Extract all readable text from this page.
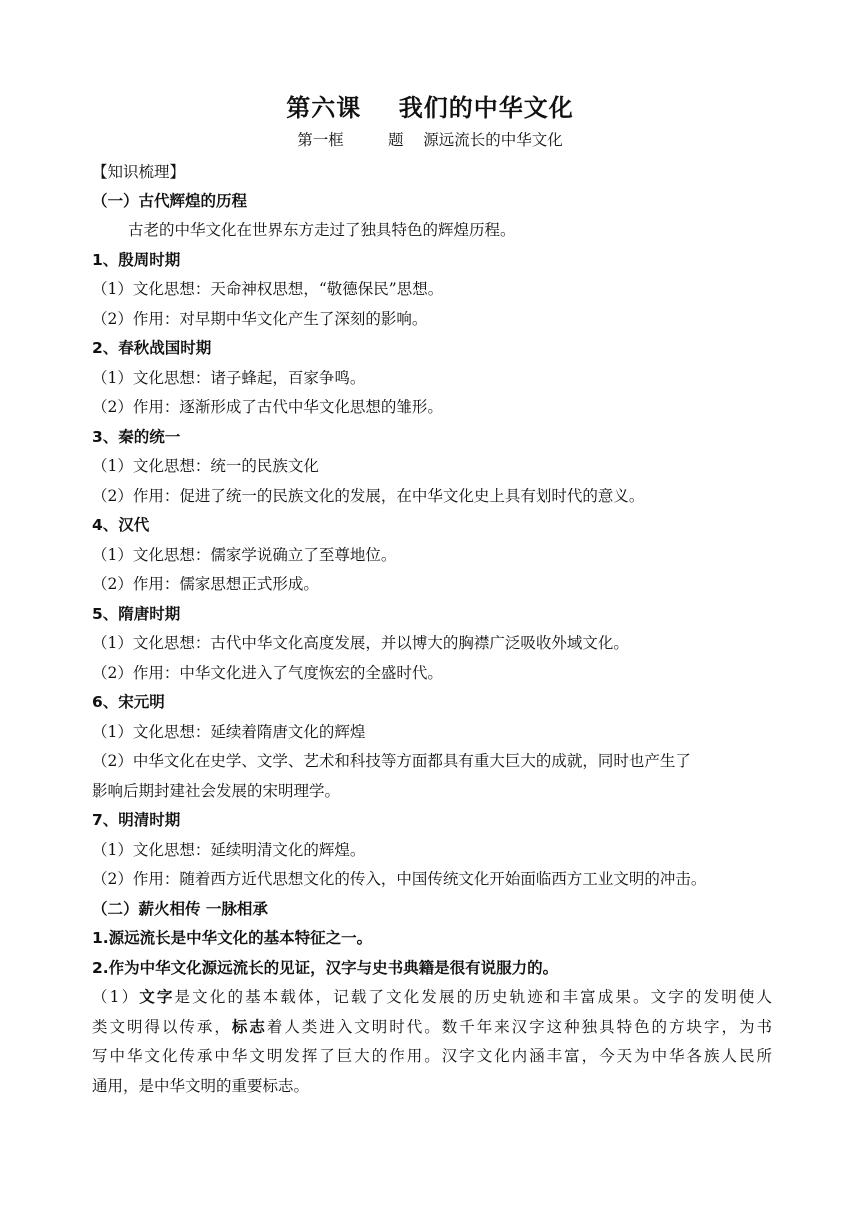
第六课    我们的中华文化
第一框         题    源远流长的中华文化
【知识梳理】
（一）古代辉煌的历程
古老的中华文化在世界东方走过了独具特色的辉煌历程。
1、殷周时期
（1）文化思想：天命神权思想，“敬德保民”思想。
（2）作用：对早期中华文化产生了深刻的影响。
2、春秋战国时期
（1）文化思想：诸子蜂起，百家争鸣。
（2）作用：逐渐形成了古代中华文化思想的雏形。
3、秦的统一
（1）文化思想：统一的民族文化
（2）作用：促进了统一的民族文化的发展，在中华文化史上具有划时代的意义。
4、汉代
（1）文化思想：儒家学说确立了至尊地位。
（2）作用：儒家思想正式形成。
5、隋唐时期
（1）文化思想：古代中华文化高度发展，并以博大的胸襟广泛吸收外域文化。
（2）作用：中华文化进入了气度恢宏的全盛时代。
6、宋元明
（1）文化思想：延续着隋唐文化的辉煌
（2）中华文化在史学、文学、艺术和科技等方面都具有重大巨大的成就，同时也产生了
影响后期封建社会发展的宋明理学。
7、明清时期
（1）文化思想：延续明清文化的辉煌。
（2）作用：随着西方近代思想文化的传入，中国传统文化开始面临西方工业文明的冲击。
（二）薪火相传 一脉相承
1.源远流长是中华文化的基本特征之一。
2.作为中华文化源远流长的见证，汉字与史书典籍是很有说服力的。
（1）文字是文化的基本载体，记载了文化发展的历史轨迹和丰富成果。文字的发明使人
类文明得以传承，标志着人类进入文明时代。数千年来汉字这种独具特色的方块字，为书
写中华文化传承中华文明发挥了巨大的作用。汉字文化内涵丰富，今天为中华各族人民所
通用，是中华文明的重要标志。
